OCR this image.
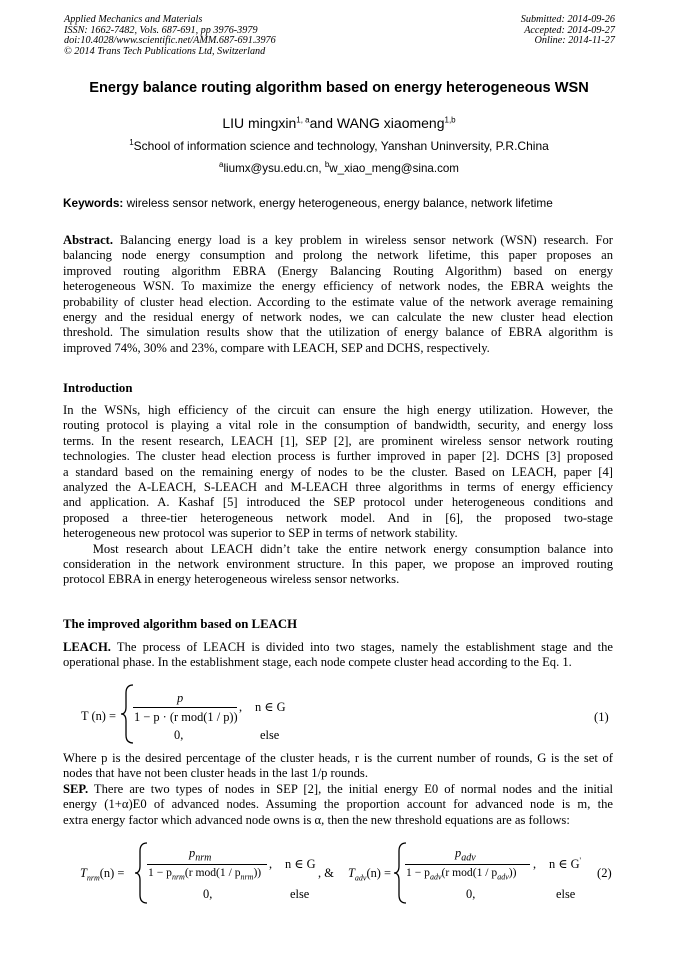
Applied Mechanics and Materials
ISSN: 1662-7482, Vols. 687-691, pp 3976-3979
doi:10.4028/www.scientific.net/AMM.687-691.3976
© 2014 Trans Tech Publications Ltd, Switzerland
Submitted: 2014-09-26
Accepted: 2014-09-27
Online: 2014-11-27
Energy balance routing algorithm based on energy heterogeneous WSN
LIU mingxin$^{1, a}$and WANG xiaomeng$^{1,b}$
$^1$School of information science and technology, Yanshan Uninversity, P.R.China
$^a$liumx@ysu.edu.cn, $^b$w_xiao_meng@sina.com
Keywords: wireless sensor network, energy heterogeneous, energy balance, network lifetime
Abstract. Balancing energy load is a key problem in wireless sensor network (WSN) research. For
balancing node energy consumption and prolong the network lifetime, this paper proposes an
improved routing algorithm EBRA (Energy Balancing Routing Algorithm) based on energy
heterogeneous WSN. To maximize the energy efficiency of network nodes, the EBRA weights the
probability of cluster head election. According to the estimate value of the network average remaining
energy and the residual energy of network nodes, we can calculate the new cluster head election
threshold. The simulation results show that the utilization of energy balance of EBRA algorithm is
improved 74%, 30% and 23%, compare with LEACH, SEP and DCHS, respectively.
Introduction
In the WSNs, high efficiency of the circuit can ensure the high energy utilization. However, the
routing protocol is playing a vital role in the consumption of bandwidth, security, and energy loss
terms. In the resent research, LEACH [1], SEP [2], are prominent wireless sensor network routing
technologies. The cluster head election process is further improved in paper [2]. DCHS [3] proposed
a standard based on the remaining energy of nodes to be the cluster. Based on LEACH, paper [4]
analyzed the A-LEACH, S-LEACH and M-LEACH three algorithms in terms of energy efficiency
and application. A. Kashaf [5] introduced the SEP protocol under heterogeneous conditions and
proposed a three-tier heterogeneous network model. And in [6], the proposed two-stage
heterogeneous new protocol was superior to SEP in terms of network stability.
Most research about LEACH didn’t take the entire network energy consumption balance into
consideration in the network environment structure. In this paper, we propose an improved routing
protocol EBRA in energy heterogeneous wireless sensor networks.
The improved algorithm based on LEACH
LEACH. The process of LEACH is divided into two stages, namely the establishment stage and the
operational phase. In the establishment stage, each node compete cluster head according to the Eq. 1.
T (n) =
p
1 − p · (r mod(1 / p))
, n ∈ G
0,	else
(1)
Where p is the desired percentage of the cluster heads, r is the current number of rounds, G is the set of
nodes that have not been cluster heads in the last 1/p rounds.
SEP. There are two types of nodes in SEP [2], the initial energy E0 of normal nodes and the initial
energy (1+α)E0 of advanced nodes. Assuming the proportion account for advanced node is m, the
extra energy factor which advanced node owns is α, then the new threshold equations are as follows:
$T_{nrm}(n)$ =
$p_{nrm}$
$1 - p_{nrm}(r$ $mod(1 / p_{nrm})$)
, n ∈ G
0,	else
, & $T_{adv}(n)$ =
$p_{adv}$
$1 - p_{adv}(r$ $mod(1 / p_{adv})$)
, n ∈ G'
0,	else
(2)
